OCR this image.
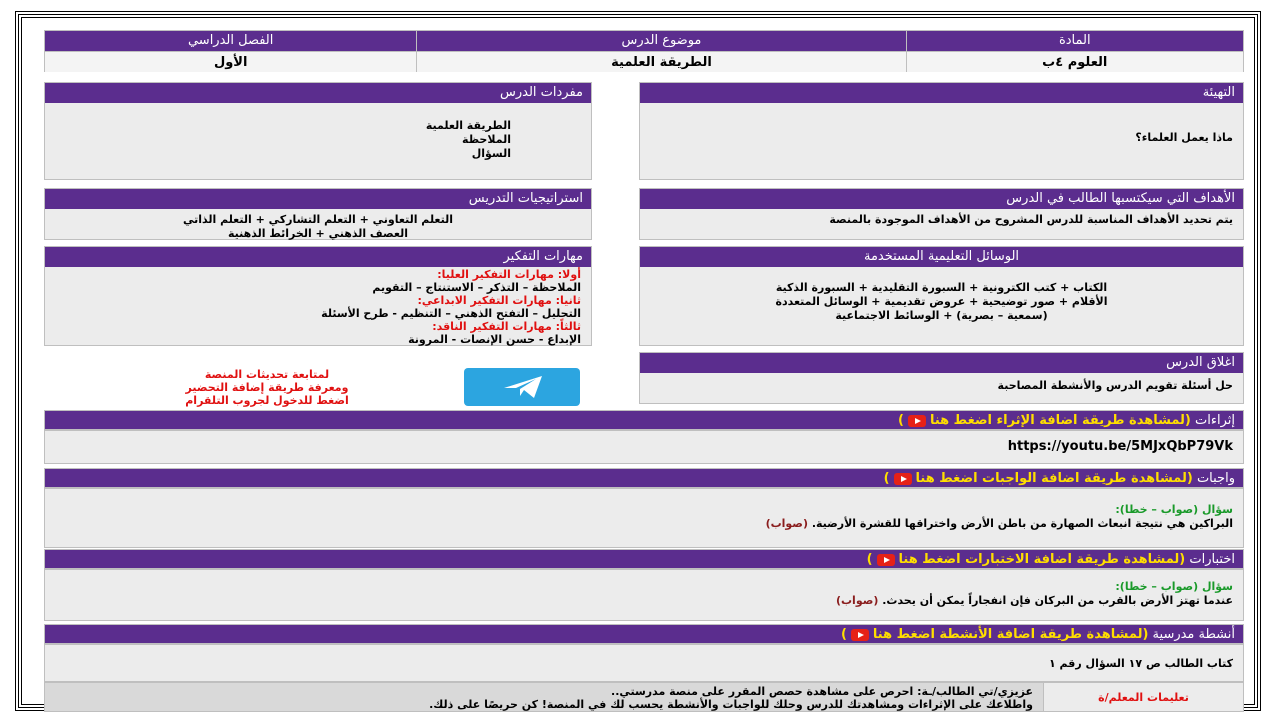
المادة
العلوم ٤ب
موضوع الدرس
الطريقة العلمية
الفصل الدراسي
الأول
التهيئة
ماذا يعمل العلماء؟
مفردات الدرس
الطريقة العلمية
الملاحظة
السؤال
الأهداف التي سيكتسبها الطالب في الدرس
يتم تحديد الأهداف المناسبة للدرس المشروح من الأهداف الموجودة بالمنصة
استراتيجيات التدريس
التعلم التعاوني + التعلم التشاركي + التعلم الذاتي
العصف الذهني + الخرائط الذهنية
الوسائل التعليمية المستخدمة
الكتاب + كتب الكترونية + السبورة التقليدية + السبورة الذكية
الأقلام + صور توضيحية + عروض تقديمية + الوسائل المتعددة
(سمعية – بصرية) + الوسائط الاجتماعية
مهارات التفكير
أولا: مهارات التفكير العليا:
الملاحظة – التذكر – الاستنتاج – التقويم
ثانيا: مهارات التفكير الابداعي:
التحليل – التفتح الذهني – التنظيم - طرح الأسئلة
ثالثاً: مهارات التفكير الناقد:
الإبداع - حسن الإنصات - المرونة
لمتابعة تحديثات المنصة
ومعرفة طريقة إضافة التحضير
اضغط للدخول لجروب التلقرام
اغلاق الدرس
حل أسئلة تقويم الدرس والأنشطة المصاحبة
إثراءات (لمشاهدة طريقة اضافة الإثراء اضغط هنا)
https://youtu.be/5MJxQbP79Vk
واجبات (لمشاهدة طريقة اضافة الواجبات اضغط هنا)
سؤال (صواب – خطا):
البراكين هي نتيجة انبعاث الصهارة من باطن الأرض واختراقها للقشرة الأرضية. (صواب)
اختبارات (لمشاهدة طريقة اضافة الاختبارات اضغط هنا)
سؤال (صواب – خطا):
عندما تهتز الأرض بالقرب من البركان فإن انفجاراً يمكن أن يحدث. (صواب)
أنشطة مدرسية (لمشاهدة طريقة اضافة الأنشطة اضغط هنا)
كتاب الطالب ص ١٧ السؤال رقم ١
تعليمات المعلم/ة
عزيزي/تي الطالب/ـة: احرص على مشاهدة حصص المقرر على منصة مدرستي..
واطلاعك على الإثراءات ومشاهدتك للدرس وحلك للواجبات والأنشطة يحسب لك في المنصة! كن حريصًا على ذلك.
